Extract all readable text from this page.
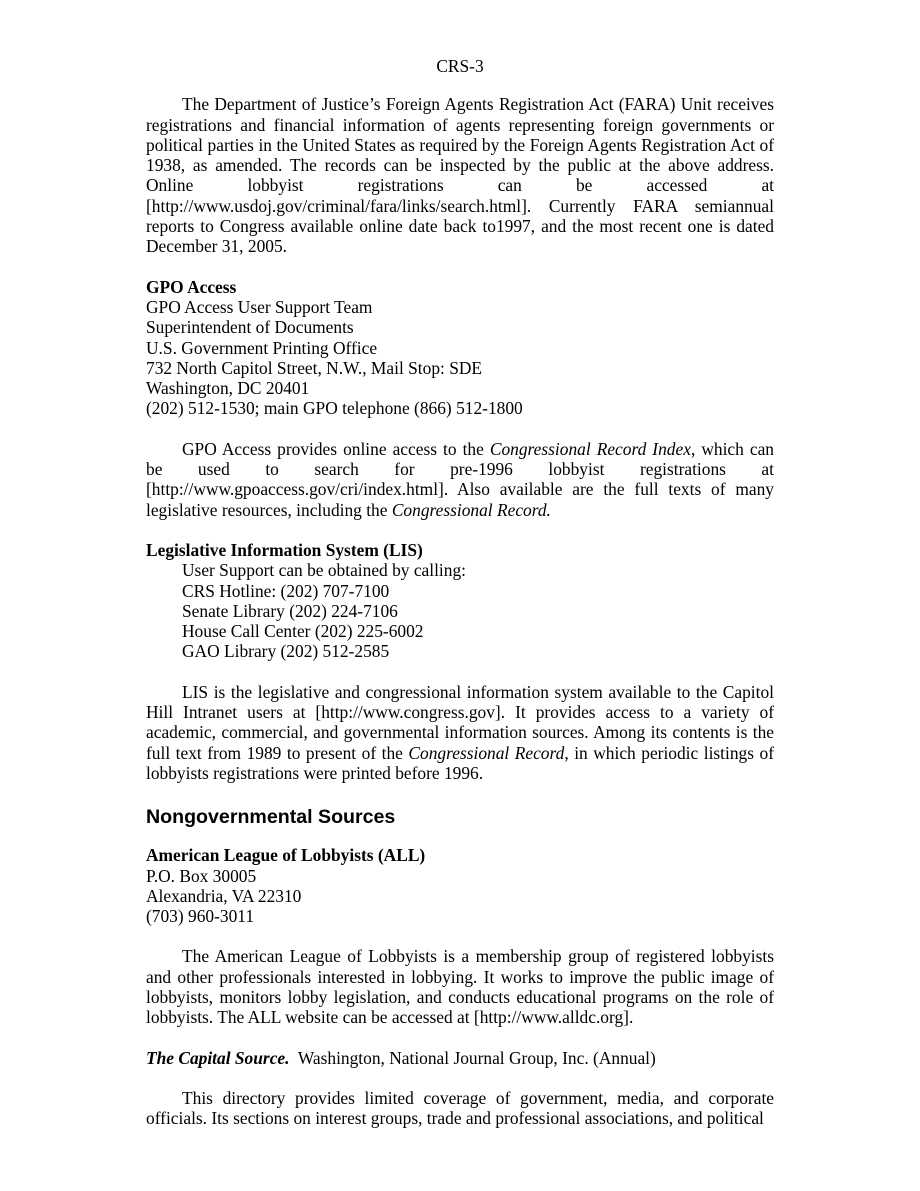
CRS-3

The Department of Justice’s Foreign Agents Registration Act (FARA) Unit receives registrations and financial information of agents representing foreign governments or political parties in the United States as required by the Foreign Agents Registration Act of 1938, as amended. The records can be inspected by the public at the above address. Online lobbyist registrations can be accessed at [http://www.usdoj.gov/criminal/fara/links/search.html]. Currently FARA semiannual reports to Congress available online date back to1997, and the most recent one is dated December 31, 2005.

GPO Access
GPO Access User Support Team
Superintendent of Documents
U.S. Government Printing Office
732 North Capitol Street, N.W., Mail Stop: SDE
Washington, DC 20401
(202) 512-1530; main GPO telephone (866) 512-1800

GPO Access provides online access to the Congressional Record Index, which can be used to search for pre-1996 lobbyist registrations at [http://www.gpoaccess.gov/cri/index.html]. Also available are the full texts of many legislative resources, including the Congressional Record.

Legislative Information System (LIS)
User Support can be obtained by calling:
CRS Hotline: (202) 707-7100
Senate Library (202) 224-7106
House Call Center (202) 225-6002
GAO Library (202) 512-2585

LIS is the legislative and congressional information system available to the Capitol Hill Intranet users at [http://www.congress.gov]. It provides access to a variety of academic, commercial, and governmental information sources. Among its contents is the full text from 1989 to present of the Congressional Record, in which periodic listings of lobbyists registrations were printed before 1996.

Nongovernmental Sources
American League of Lobbyists (ALL)
P.O. Box 30005
Alexandria, VA 22310
(703) 960-3011

The American League of Lobbyists is a membership group of registered lobbyists and other professionals interested in lobbying. It works to improve the public image of lobbyists, monitors lobby legislation, and conducts educational programs on the role of lobbyists. The ALL website can be accessed at [http://www.alldc.org].

The Capital Source. Washington, National Journal Group, Inc. (Annual)

This directory provides limited coverage of government, media, and corporate officials. Its sections on interest groups, trade and professional associations, and political
